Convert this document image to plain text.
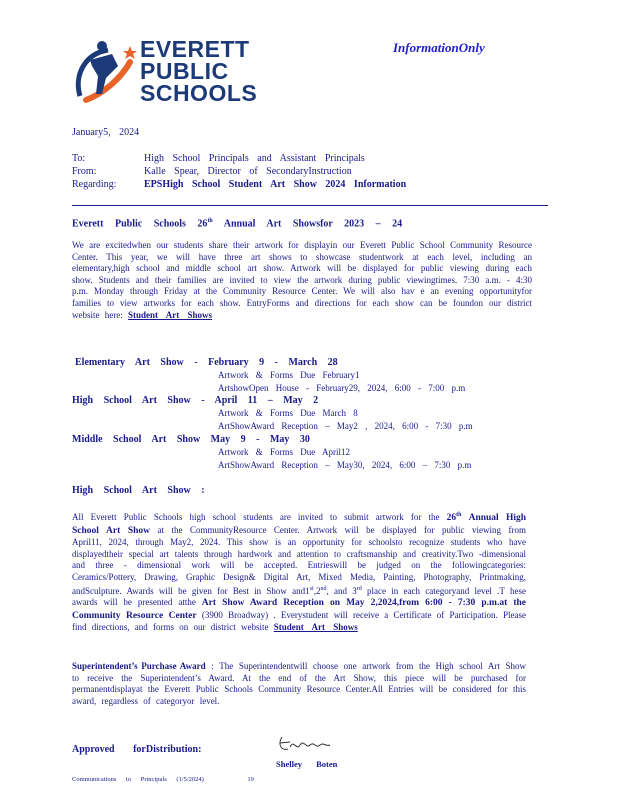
EVERETT
PUBLIC
SCHOOLS
InformationOnly
January5, 2024
To:	High School Principals and Assistant Principals
From:	Kalle Spear, Director of SecondaryInstruction
Regarding:	EPSHigh School Student Art Show 2024 Information
Everett Public Schools 26th Annual Art Showsfor 2023 – 24
We are excitedwhen our students share their artwork for displayin our Everett Public School Community Resource Center. This year, we will have three art shows to showcase studentwork at each level, including an elementary,high school and middle school art show. Artwork will be displayed for public viewing during each show. Students and their families are invited to view the artwork during public viewingtimes. 7:30 a.m. - 4:30 p.m. Monday through Friday at the Community Resource Center. We will also hav e an evening opportunityfor families to view artworks for each show. EntryForms and directions for each show can be foundon our district website here: Student Art Shows
Elementary Art Show - February 9 - March 28
Artwork & Forms Due February1
ArtshowOpen House - February29, 2024, 6:00 - 7:00 p.m
High School Art Show - April 11 – May 2
Artwork & Forms Due March 8
ArtShowAward Reception – May2 , 2024, 6:00 - 7:30 p.m
Middle School Art Show May 9 - May 30
Artwork & Forms Due April12
ArtShowAward Reception – May30, 2024, 6:00 – 7:30 p.m
High School Art Show :
All Everett Public Schools high school students are invited to submit artwork for the 26th Annual High School Art Show at the CommunityResource Center. Artwork will be displayed for public viewing from April11, 2024, through May2, 2024. This show is an opportunity for schoolsto recognize students who have displayedtheir special art talents through hardwork and attention to craftsmanship and creativity.Two -dimensional and three - dimensional work will be accepted. Entrieswill be judged on the followingcategories: Ceramics/Pottery, Drawing, Graphic Design& Digital Art, Mixed Media, Painting, Photography, Printmaking, andSculpture. Awards will be given for Best in Show and1st,2nd, and 3rd place in each categoryand level .T hese awards will be presented atthe Art Show Award Reception on May 2,2024,from 6:00 - 7:30 p.m.at the Community Resource Center (3900 Broadway) . Everystudent will receive a Certificate of Participation. Please find directions, and forms on our district website Student Art Shows
Superintendent’s Purchase Award : The Superintendentwill choose one artwork from the High school Art Show to receive the Superintendent’s Award. At the end of the Art Show, this piece will be purchased for permanentdisplayat the Everett Public Schools Community Resource Center.All Entries will be considered for this award, regardless of categoryor level.
Approved forDistribution:
Shelley Boten
Communications to Principals (1/5/2024)	19
